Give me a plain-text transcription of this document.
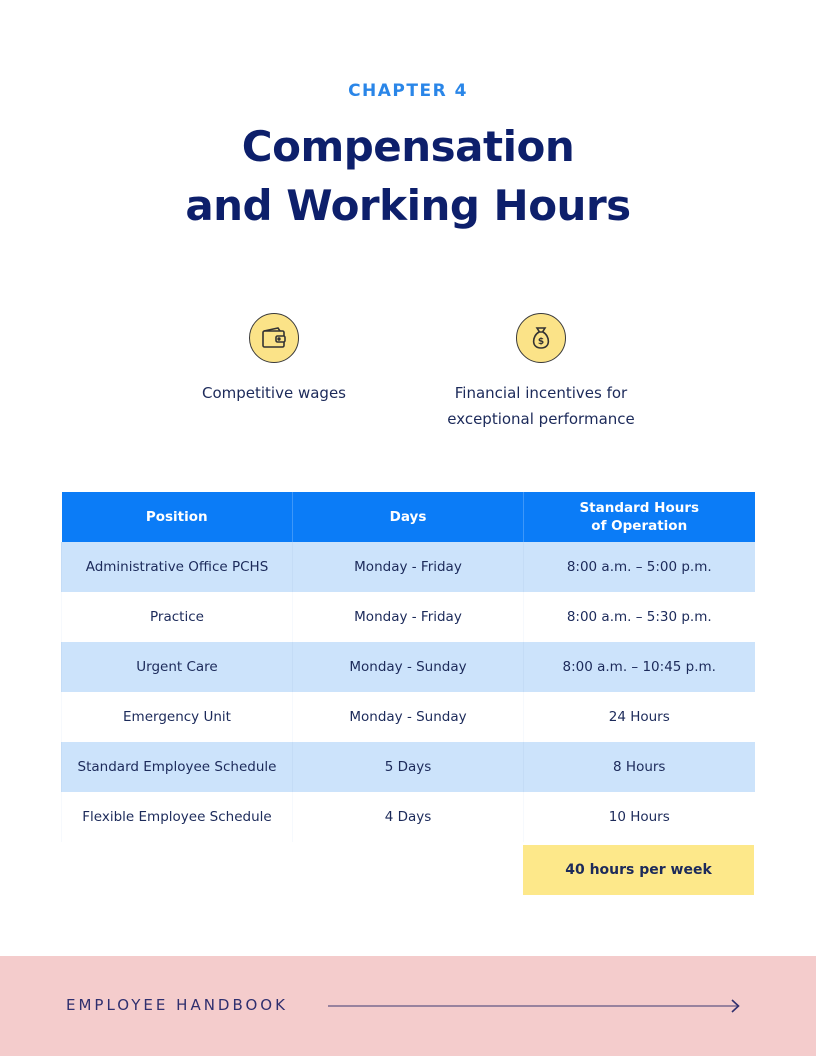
CHAPTER 4
Compensation
and Working Hours
Competitive wages
$
Financial incentives for
exceptional performance
Position	Days	Standard Hours
of Operation

Administrative Office PCHS	Monday - Friday	8:00 a.m. – 5:00 p.m.
Practice	Monday - Friday	8:00 a.m. – 5:30 p.m.
Urgent Care	Monday - Sunday	8:00 a.m. – 10:45 p.m.
Emergency Unit	Monday - Sunday	24 Hours
Standard Employee Schedule	5 Days	8 Hours
Flexible Employee Schedule	4 Days	10 Hours
40 hours per week
EMPLOYEE HANDBOOK
